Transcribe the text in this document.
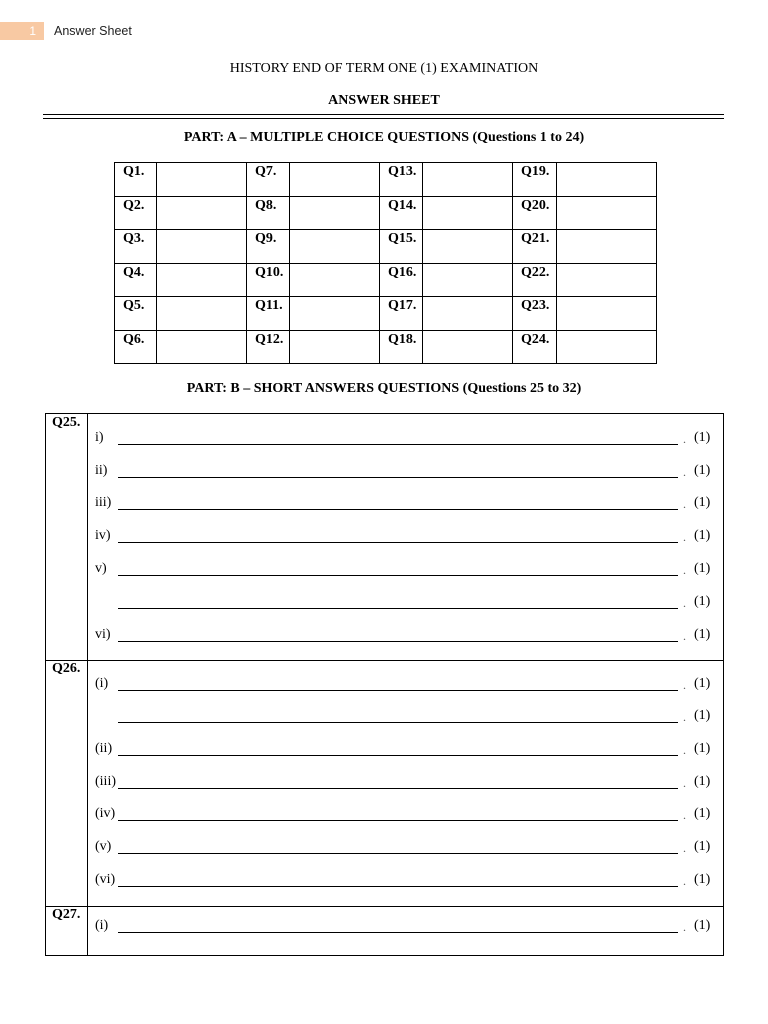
1	Answer Sheet
HISTORY END OF TERM ONE (1) EXAMINATION
ANSWER SHEET
PART: A – MULTIPLE CHOICE QUESTIONS (Questions 1 to 24)
Q1.		Q7.		Q13.		Q19.	
Q2.		Q8.		Q14.		Q20.	
Q3.		Q9.		Q15.		Q21.	
Q4.		Q10.		Q16.		Q22.	
Q5.		Q11.		Q17.		Q23.	
Q6.		Q12.		Q18.		Q24.	
PART: B – SHORT ANSWERS QUESTIONS (Questions 25 to 32)
Q25.
i)	. (1)
ii)	. (1)
iii)	. (1)
iv)	. (1)
v)	. (1)
. (1)
vi)	. (1)
Q26.
(i)	. (1)
. (1)
(ii)	. (1)
(iii)	. (1)
(iv)	. (1)
(v)	. (1)
(vi)	. (1)
Q27.
(i)	. (1)
